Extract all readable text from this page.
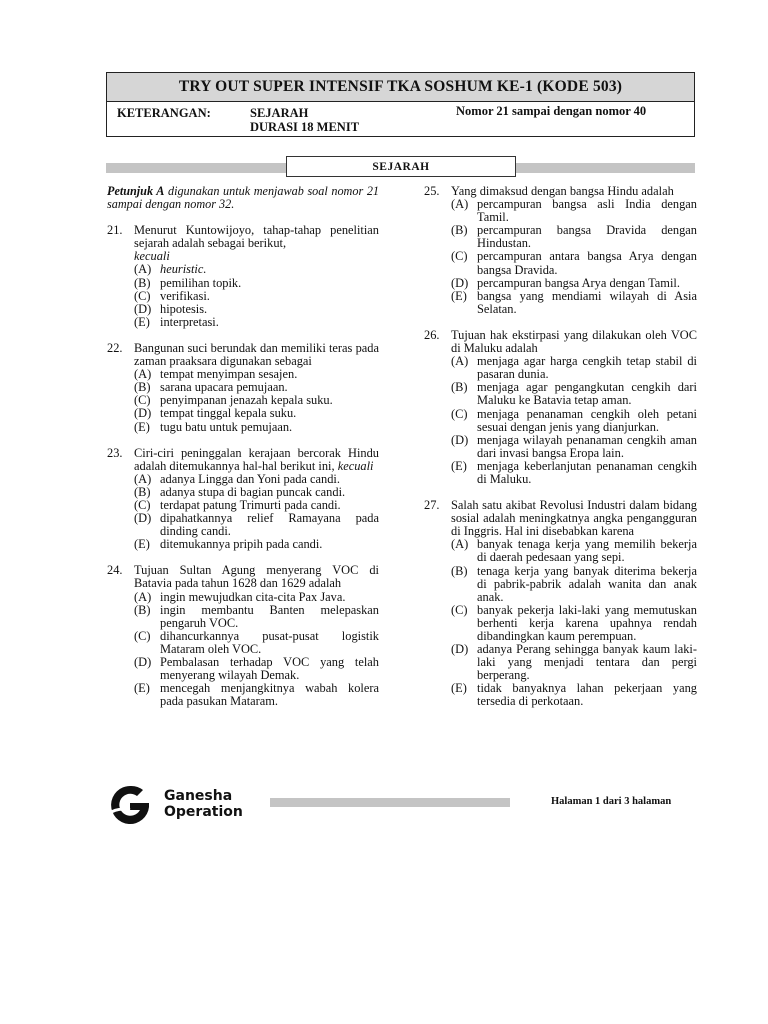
TRY OUT SUPER INTENSIF TKA SOSHUM KE-1 (KODE 503)
KETERANGAN:	SEJARAH
DURASI 18 MENIT
Nomor 21 sampai dengan nomor 40
SEJARAH
Petunjuk A digunakan untuk menjawab soal nomor 21 sampai dengan nomor 32.
21. Menurut Kuntowijoyo, tahap-tahap penelitian sejarah adalah sebagai berikut,
kecuali
(A) heuristic.
(B) pemilihan topik.
(C) verifikasi.
(D) hipotesis.
(E) interpretasi.
22. Bangunan suci berundak dan memiliki teras pada zaman praaksara digunakan sebagai
(A) tempat menyimpan sesajen.
(B) sarana upacara pemujaan.
(C) penyimpanan jenazah kepala suku.
(D) tempat tinggal kepala suku.
(E) tugu batu untuk pemujaan.
23. Ciri-ciri peninggalan kerajaan bercorak Hindu adalah ditemukannya hal-hal berikut ini, kecuali
(A) adanya Lingga dan Yoni pada candi.
(B) adanya stupa di bagian puncak candi.
(C) terdapat patung Trimurti pada candi.
(D) dipahatkannya relief Ramayana pada dinding candi.
(E) ditemukannya pripih pada candi.
24. Tujuan Sultan Agung menyerang VOC di Batavia pada tahun 1628 dan 1629 adalah
(A) ingin mewujudkan cita-cita Pax Java.
(B) ingin membantu Banten melepaskan pengaruh VOC.
(C) dihancurkannya pusat-pusat logistik Mataram oleh VOC.
(D) Pembalasan terhadap VOC yang telah menyerang wilayah Demak.
(E) mencegah menjangkitnya wabah kolera pada pasukan Mataram.
25. Yang dimaksud dengan bangsa Hindu adalah
(A) percampuran bangsa asli India dengan Tamil.
(B) percampuran bangsa Dravida dengan Hindustan.
(C) percampuran antara bangsa Arya dengan bangsa Dravida.
(D) percampuran bangsa Arya dengan Tamil.
(E) bangsa yang mendiami wilayah di Asia Selatan.
26. Tujuan hak ekstirpasi yang dilakukan oleh VOC di Maluku adalah
(A) menjaga agar harga cengkih tetap stabil di pasaran dunia.
(B) menjaga agar pengangkutan cengkih dari Maluku ke Batavia tetap aman.
(C) menjaga penanaman cengkih oleh petani sesuai dengan jenis yang dianjurkan.
(D) menjaga wilayah penanaman cengkih aman dari invasi bangsa Eropa lain.
(E) menjaga keberlanjutan penanaman cengkih di Maluku.
27. Salah satu akibat Revolusi Industri dalam bidang sosial adalah meningkatnya angka pengangguran di Inggris. Hal ini disebabkan karena
(A) banyak tenaga kerja yang memilih bekerja di daerah pedesaan yang sepi.
(B) tenaga kerja yang banyak diterima bekerja di pabrik-pabrik adalah wanita dan anak anak.
(C) banyak pekerja laki-laki yang memutuskan berhenti kerja karena upahnya rendah dibandingkan kaum perempuan.
(D) adanya Perang sehingga banyak kaum laki-laki yang menjadi tentara dan pergi berperang.
(E) tidak banyaknya lahan pekerjaan yang tersedia di perkotaan.
Ganesha
Operation
Halaman 1 dari 3 halaman
